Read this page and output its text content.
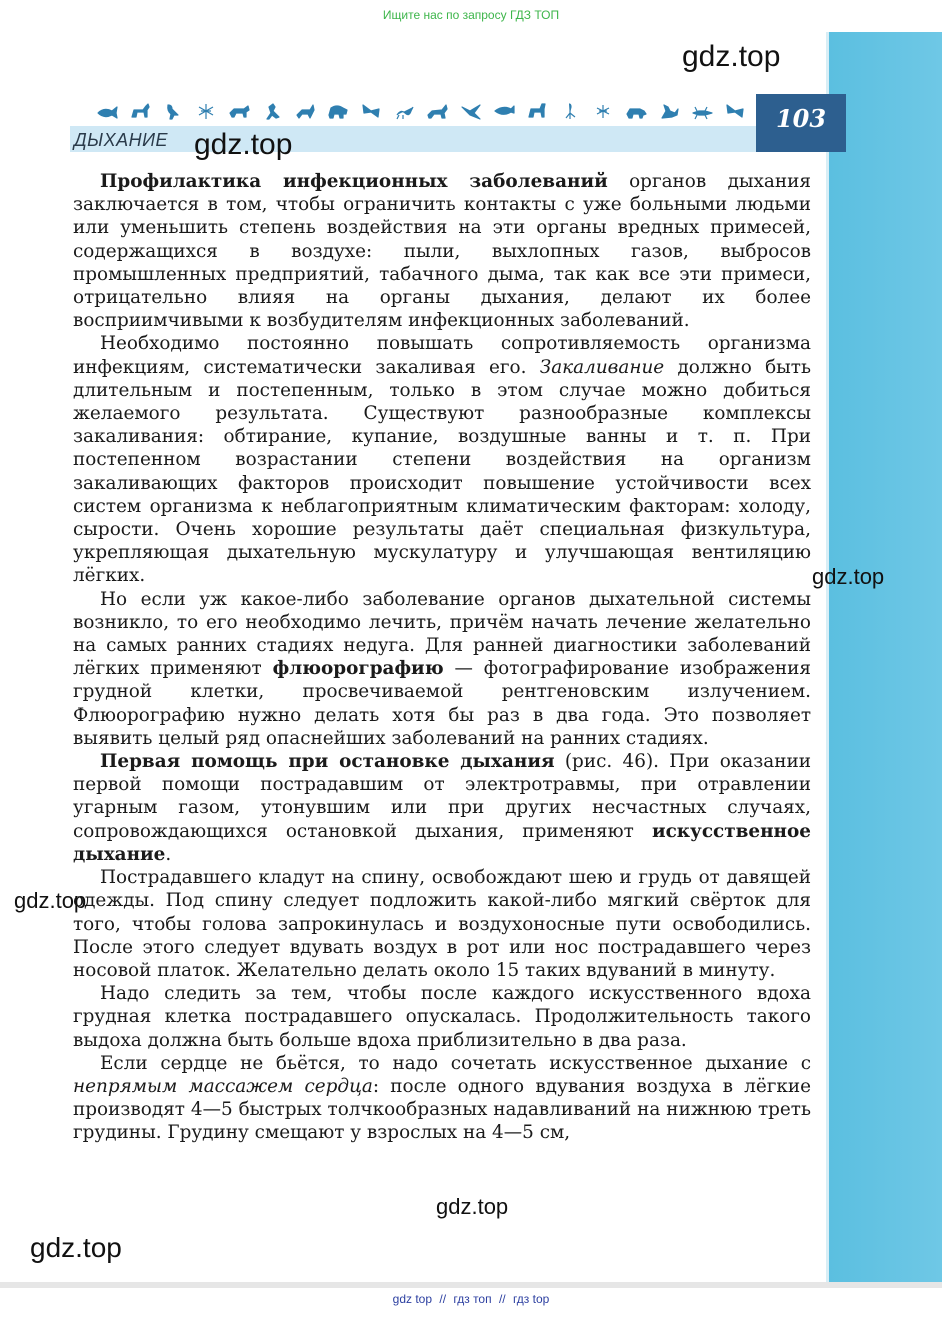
Ищите нас по запросу ГДЗ ТОП
ДЫХАНИЕ
103
gdz.top
gdz.top

Профилактика инфекционных заболеваний органов дыхания заключается в том, чтобы ограничить контакты с уже больными людьми или уменьшить степень воздействия на эти органы вредных примесей, содержащихся в воздухе: пыли, выхлопных газов, выбросов промышленных предприятий, табачного дыма, так как все эти примеси, отрицательно влияя на органы дыхания, делают их более восприимчивыми к возбудителям инфекционных заболеваний.

Необходимо постоянно повышать сопротивляемость организма инфекциям, систематически закаливая его. Закаливание должно быть длительным и постепенным, только в этом случае можно добиться желаемого результата. Существуют разнообразные комплексы закаливания: обтирание, купание, воздушные ванны и т. п. При постепенном возрастании степени воздействия на организм закаливающих факторов происходит повышение устойчивости всех систем организма к неблагоприятным климатическим факторам: холоду, сырости. Очень хорошие результаты даёт специальная физкультура, укрепляющая дыхательную мускулатуру и улучшающая вентиляцию лёгких.

Но если уж какое-либо заболевание органов дыхательной системы возникло, то его необходимо лечить, причём начать лечение желательно на самых ранних стадиях недуга. Для ранней диагностики заболеваний лёгких применяют флюорографию — фотографирование изображения грудной клетки, просвечиваемой рентгеновским излучением. Флюорографию нужно делать хотя бы раз в два года. Это позволяет выявить целый ряд опаснейших заболеваний на ранних стадиях.

Первая помощь при остановке дыхания (рис. 46). При оказании первой помощи пострадавшим от электротравмы, при отравлении угарным газом, утонувшим или при других несчастных случаях, сопровождающихся остановкой дыхания, применяют искусственное дыхание.

Пострадавшего кладут на спину, освобождают шею и грудь от давящей одежды. Под спину следует подложить какой-либо мягкий свёрток для того, чтобы голова запрокинулась и воздухоносные пути освободились. После этого следует вдувать воздух в рот или нос пострадавшего через носовой платок. Желательно делать около 15 таких вдуваний в минуту.

Надо следить за тем, чтобы после каждого искусственного вдоха грудная клетка пострадавшего опускалась. Продолжительность такого выдоха должна быть больше вдоха приблизительно в два раза.

Если сердце не бьётся, то надо сочетать искусственное дыхание с непрямым массажем сердца: после одного вдувания воздуха в лёгкие производят 4—5 быстрых толчкообразных надавливаний на нижнюю треть грудины. Грудину смещают у взрослых на 4—5 см,

gdz.top
gdz.top
gdz.top
gdz.top
gdz top // гдз топ // гдз top
